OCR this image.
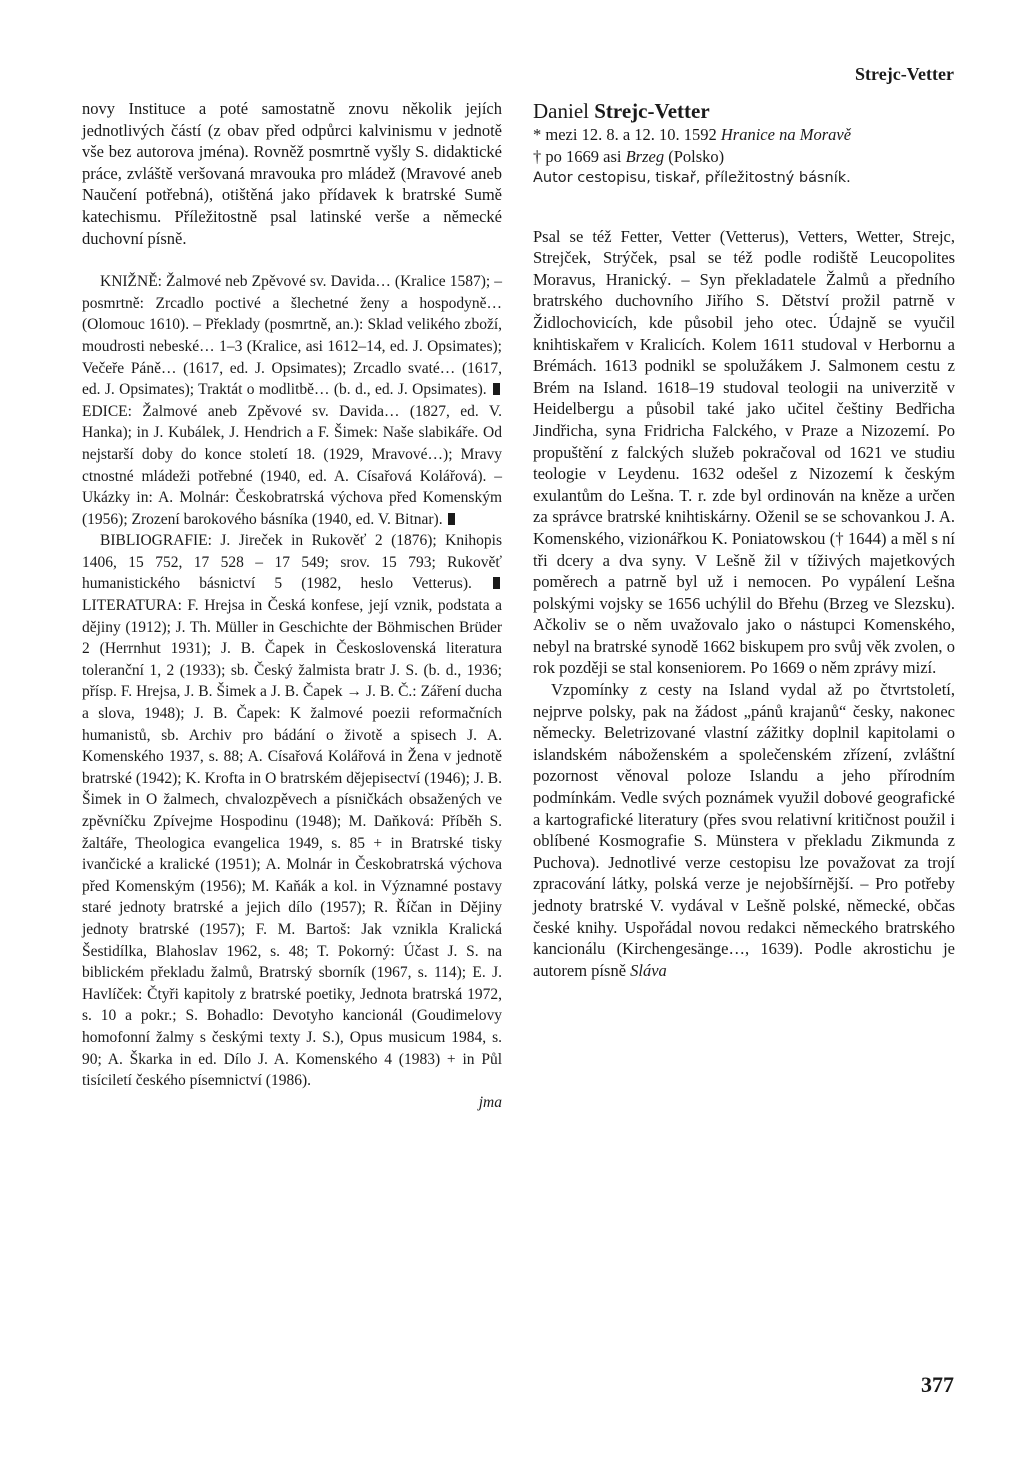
Strejc-Vetter

novy Instituce a poté samostatně znovu několik jejích jednotlivých částí (z obav před odpůrci kalvinismu v jednotě vše bez autorova jména). Rovněž posmrtně vyšly S. didaktické práce, zvláště veršovaná mravouka pro mládež (Mravové aneb Naučení potřebná), otištěná jako přídavek k bratrské Sumě katechismu. Příležitostně psal latinské verše a německé duchovní písně.

KNIŽNĚ: Žalmové neb Zpěvové sv. Davida… (Kralice 1587); – posmrtně: Zrcadlo poctivé a šlechetné ženy a hospodyně… (Olomouc 1610). – Překlady (posmrtně, an.): Sklad velikého zboží, moudrosti nebeské… 1–3 (Kralice, asi 1612–14, ed. J. Opsimates); Večeře Páně… (1617, ed. J. Opsimates); Zrcadlo svaté… (1617, ed. J. Opsimates); Traktát o modlitbě… (b. d., ed. J. Opsimates).  EDICE: Žalmové aneb Zpěvové sv. Davida… (1827, ed. V. Hanka); in J. Kubálek, J. Hendrich a F. Šimek: Naše slabikáře. Od nejstarší doby do konce století 18. (1929, Mravové…); Mravy ctnostné mládeži potřebné (1940, ed. A. Císařová Kolářová). – Ukázky in: A. Molnár: Českobratrská výchova před Komenským (1956); Zrození barokového básníka (1940, ed. V. Bitnar).

BIBLIOGRAFIE: J. Jireček in Rukověť 2 (1876); Knihopis 1406, 15 752, 17 528 – 17 549; srov. 15 793; Rukověť humanistického básnictví 5 (1982, heslo Vetterus).  LITERATURA: F. Hrejsa in Česká konfese, její vznik, podstata a dějiny (1912); J. Th. Müller in Geschichte der Böhmischen Brüder 2 (Herrnhut 1931); J. B. Čapek in Československá literatura toleranční 1, 2 (1933); sb. Český žalmista bratr J. S. (b. d., 1936; přísp. F. Hrejsa, J. B. Šimek a J. B. Čapek → J. B. Č.: Záření ducha a slova, 1948); J. B. Čapek: K žalmové poezii reformačních humanistů, sb. Archiv pro bádání o životě a spisech J. A. Komenského 1937, s. 88; A. Císařová Kolářová in Žena v jednotě bratrské (1942); K. Krofta in O bratrském dějepisectví (1946); J. B. Šimek in O žalmech, chvalozpěvech a písničkách obsažených ve zpěvníčku Zpívejme Hospodinu (1948); M. Daňková: Příběh S. žaltáře, Theologica evangelica 1949, s. 85 + in Bratrské tisky ivančické a kralické (1951); A. Molnár in Českobratrská výchova před Komenským (1956); M. Kaňák a kol. in Významné postavy staré jednoty bratrské a jejich dílo (1957); R. Říčan in Dějiny jednoty bratrské (1957); F. M. Bartoš: Jak vznikla Kralická Šestidílka, Blahoslav 1962, s. 48; T. Pokorný: Účast J. S. na biblickém překladu žalmů, Bratrský sborník (1967, s. 114); E. J. Havlíček: Čtyři kapitoly z bratrské poetiky, Jednota bratrská 1972, s. 10 a pokr.; S. Bohadlo: Devotyho kancionál (Goudimelovy homofonní žalmy s českými texty J. S.), Opus musicum 1984, s. 90; A. Škarka in ed. Dílo J. A. Komenského 4 (1983) + in Půl tisíciletí českého písemnictví (1986).

jma

Daniel Strejc-Vetter

* mezi 12. 8. a 12. 10. 1592 Hranice na Moravě

† po 1669 asi Brzeg (Polsko)

Autor cestopisu, tiskař, příležitostný básník.

Psal se též Fetter, Vetter (Vetterus), Vetters, Wetter, Strejc, Strejček, Strýček, psal se též podle rodiště Leucopolites Moravus, Hranický. – Syn překladatele Žalmů a předního bratrského duchovního Jiřího S. Dětství prožil patrně v Židlochovicích, kde působil jeho otec. Údajně se vyučil knihtiskařem v Kralicích. Kolem 1611 studoval v Herbornu a Brémách. 1613 podnikl se spolužákem J. Salmonem cestu z Brém na Island. 1618–19 studoval teologii na univerzitě v Heidelbergu a působil také jako učitel češtiny Bedřicha Jindřicha, syna Fridricha Falckého, v Praze a Nizozemí. Po propuštění z falckých služeb pokračoval od 1621 ve studiu teologie v Leydenu. 1632 odešel z Nizozemí k českým exulantům do Lešna. T. r. zde byl ordinován na kněze a určen za správce bratrské knihtiskárny. Oženil se se schovankou J. A. Komenského, vizionářkou K. Poniatowskou († 1644) a měl s ní tři dcery a dva syny. V Lešně žil v tíživých majetkových poměrech a patrně byl už i nemocen. Po vypálení Lešna polskými vojsky se 1656 uchýlil do Břehu (Brzeg ve Slezsku). Ačkoliv se o něm uvažovalo jako o nástupci Komenského, nebyl na bratrské synodě 1662 biskupem pro svůj věk zvolen, o rok později se stal konseniorem. Po 1669 o něm zprávy mizí.

Vzpomínky z cesty na Island vydal až po čtvrtstoletí, nejprve polsky, pak na žádost „pánů krajanů“ česky, nakonec německy. Beletrizované vlastní zážitky doplnil kapitolami o islandském náboženském a společenském zřízení, zvláštní pozornost věnoval poloze Islandu a jeho přírodním podmínkám. Vedle svých poznámek využil dobové geografické a kartografické literatury (přes svou relativní kritičnost použil i oblíbené Kosmografie S. Münstera v překladu Zikmunda z Puchova). Jednotlivé verze cestopisu lze považovat za trojí zpracování látky, polská verze je nejobšírnější. – Pro potřeby jednoty bratrské V. vydával v Lešně polské, německé, občas české knihy. Uspořádal novou redakci německého bratrského kancionálu (Kirchengesänge…, 1639). Podle akrostichu je autorem písně Sláva

377
